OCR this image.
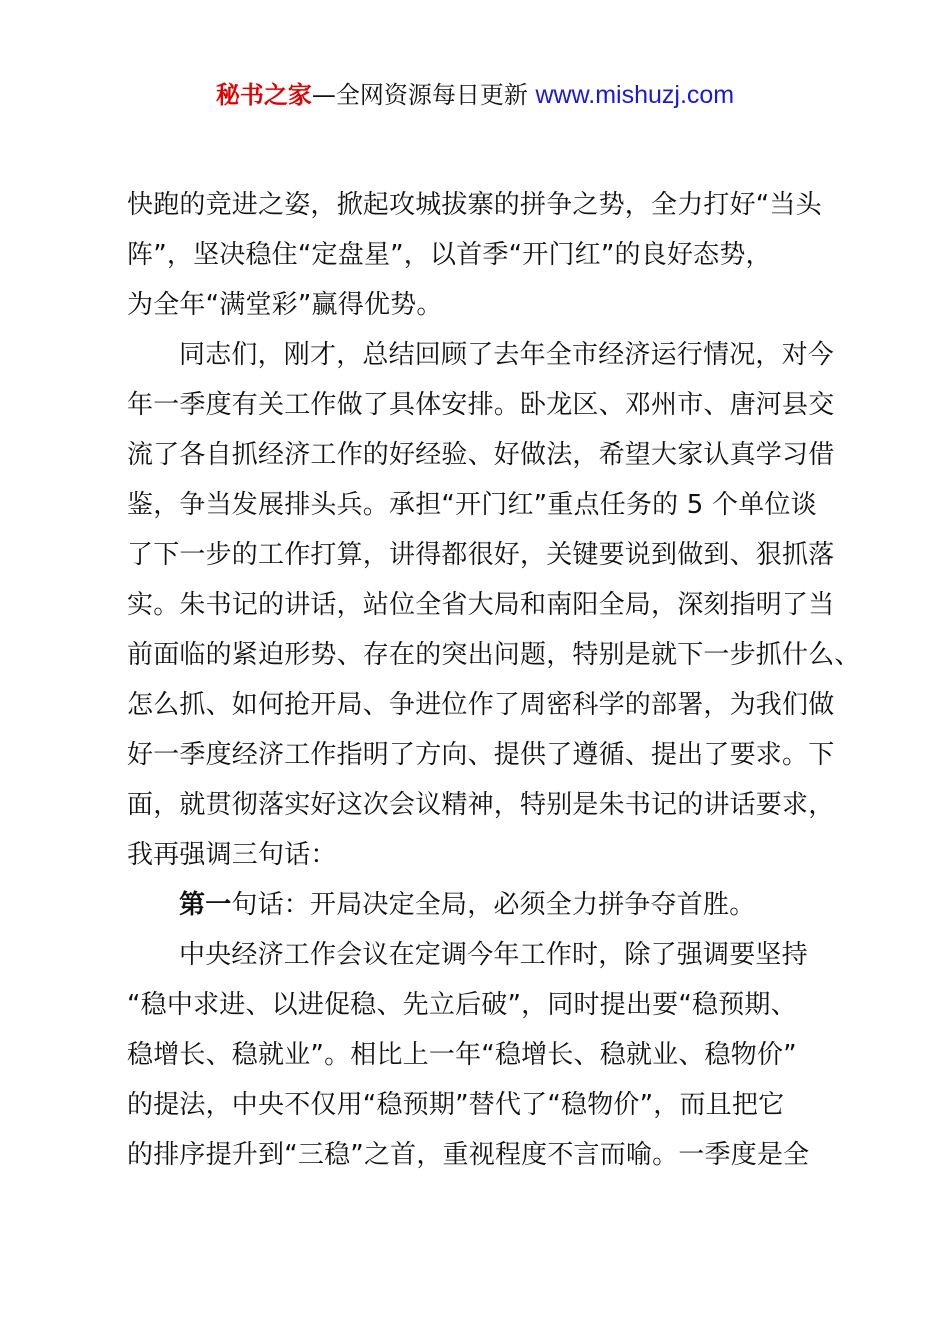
秘书之家—全网资源每日更新 www.mishuzj.com
快跑的竞进之姿，掀起攻城拔寨的拼争之势，全力打好“当头
阵”，坚决稳住“定盘星”，以首季“开门红”的良好态势，
为全年“满堂彩”赢得优势。
同志们，刚才，总结回顾了去年全市经济运行情况，对今
年一季度有关工作做了具体安排。卧龙区、邓州市、唐河县交
流了各自抓经济工作的好经验、好做法，希望大家认真学习借
鉴，争当发展排头兵。承担“开门红”重点任务的 5 个单位谈
了下一步的工作打算，讲得都很好，关键要说到做到、狠抓落
实。朱书记的讲话，站位全省大局和南阳全局，深刻指明了当
前面临的紧迫形势、存在的突出问题，特别是就下一步抓什么、
怎么抓、如何抢开局、争进位作了周密科学的部署，为我们做
好一季度经济工作指明了方向、提供了遵循、提出了要求。下
面，就贯彻落实好这次会议精神，特别是朱书记的讲话要求，
我再强调三句话：
第一句话：开局决定全局，必须全力拼争夺首胜。
中央经济工作会议在定调今年工作时，除了强调要坚持
“稳中求进、以进促稳、先立后破”，同时提出要“稳预期、
稳增长、稳就业”。相比上一年“稳增长、稳就业、稳物价”
的提法，中央不仅用“稳预期”替代了“稳物价”，而且把它
的排序提升到“三稳”之首，重视程度不言而喻。一季度是全
